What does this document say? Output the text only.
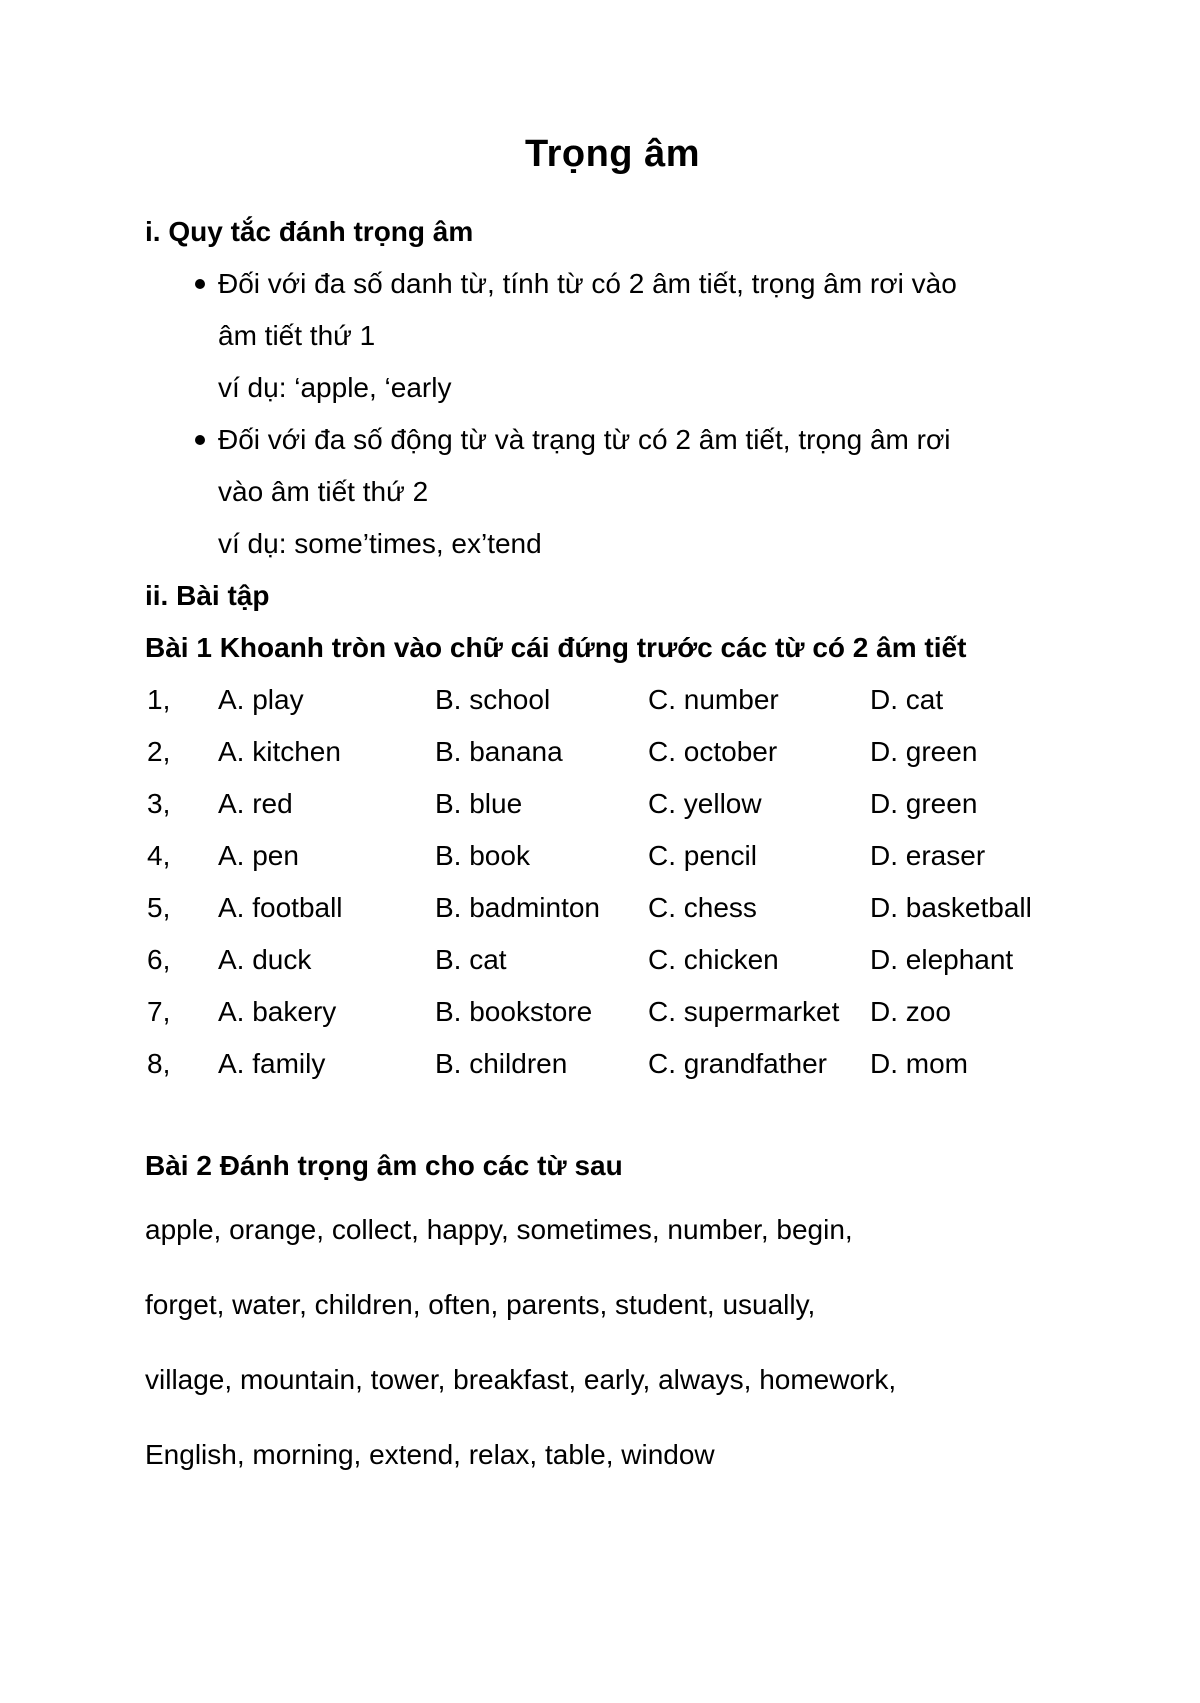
Trọng âm
i. Quy tắc đánh trọng âm
Đối với đa số danh từ, tính từ có 2 âm tiết, trọng âm rơi vào
âm tiết thứ 1
ví dụ: ‘apple, ‘early
Đối với đa số động từ và trạng từ có 2 âm tiết, trọng âm rơi
vào âm tiết thứ 2
ví dụ: some’times, ex’tend
ii. Bài tập
Bài 1 Khoanh tròn vào chữ cái đứng trước các từ có 2 âm tiết
1, A. play	B. school	C. number	D. cat
2, A. kitchen	B. banana	C. october	D. green
3, A. red	B. blue	C. yellow	D. green
4, A. pen	B. book	C. pencil	D. eraser
5, A. football	B. badminton C. chess	D. basketball
6, A. duck	B. cat	C. chicken	D. elephant
7, A. bakery	B. bookstore C. supermarket D. zoo
8, A. family	B. children	C. grandfather D. mom
Bài 2 Đánh trọng âm cho các từ sau
apple, orange, collect, happy, sometimes, number, begin,
forget, water, children, often, parents, student, usually,
village, mountain, tower, breakfast, early, always, homework,
English, morning, extend, relax, table, window
